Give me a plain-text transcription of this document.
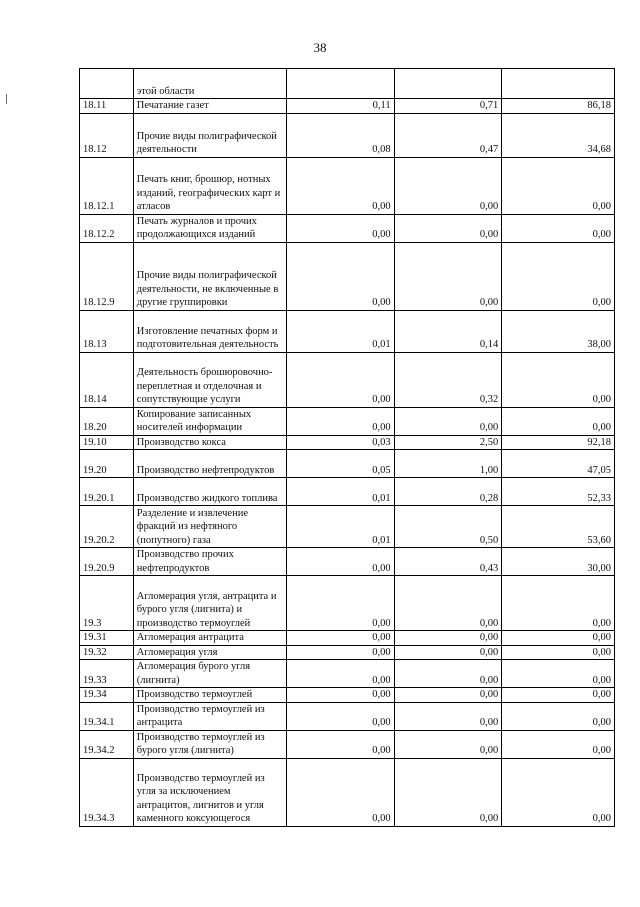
38
	этой области			
18.11	Печатание газет	0,11	0,71	86,18
18.12	Прочие виды полиграфической деятельности	0,08	0,47	34,68
18.12.1	Печать книг, брошюр, нотных изданий, географических карт и атласов	0,00	0,00	0,00
18.12.2	Печать журналов и прочих продолжающихся изданий	0,00	0,00	0,00
18.12.9	Прочие виды полиграфической деятельности, не включенные в другие группировки	0,00	0,00	0,00
18.13	Изготовление печатных форм и подготовительная деятельность	0,01	0,14	38,00
18.14	Деятельность брошюровочно-переплетная и отделочная и сопутствующие услуги	0,00	0,32	0,00
18.20	Копирование записанных носителей информации	0,00	0,00	0,00
19.10	Производство кокса	0,03	2,50	92,18
19.20	Производство нефтепродуктов	0,05	1,00	47,05
19.20.1	Производство жидкого топлива	0,01	0,28	52,33
19.20.2	Разделение и извлечение фракций из нефтяного (попутного) газа	0,01	0,50	53,60
19.20.9	Производство прочих нефтепродуктов	0,00	0,43	30,00
19.3	Агломерация угля, антрацита и бурого угля (лигнита) и производство термоуглей	0,00	0,00	0,00
19.31	Агломерация антрацита	0,00	0,00	0,00
19.32	Агломерация угля	0,00	0,00	0,00
19.33	Агломерация бурого угля (лигнита)	0,00	0,00	0,00
19.34	Производство термоуглей	0,00	0,00	0,00
19.34.1	Производство термоуглей из антрацита	0,00	0,00	0,00
19.34.2	Производство термоуглей из бурого угля (лигнита)	0,00	0,00	0,00
19.34.3	Производство термоуглей из угля за исключением антрацитов, лигнитов и угля каменного коксующегося	0,00	0,00	0,00
